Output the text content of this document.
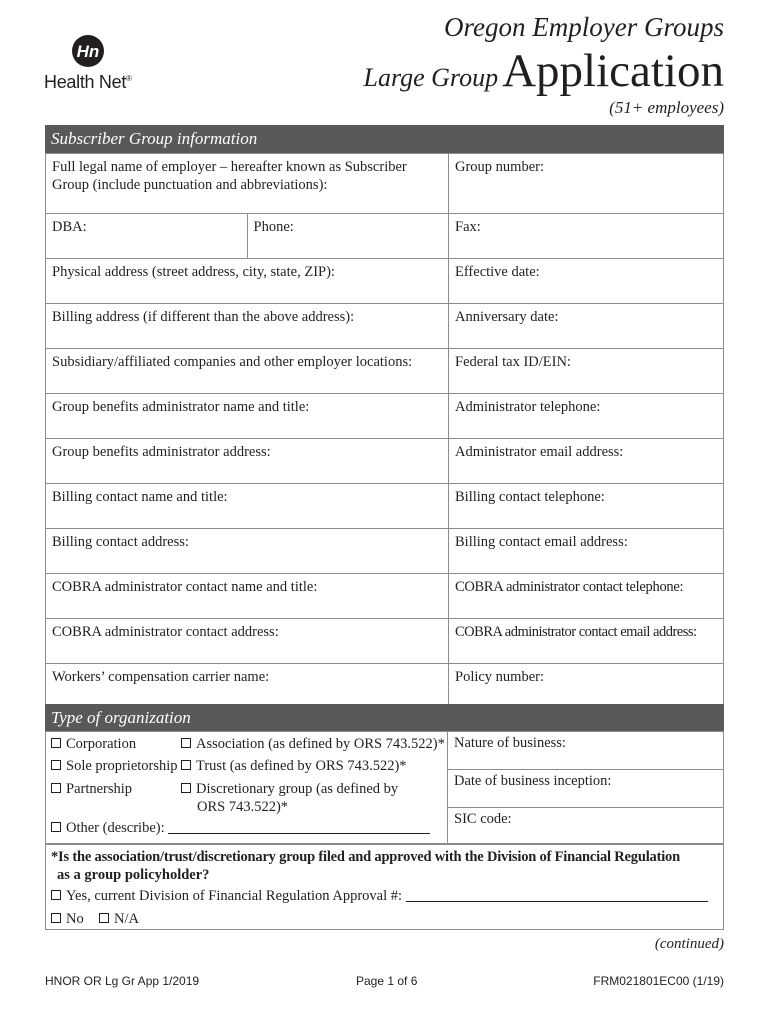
Hn
Health Net®
Oregon Employer Groups
Large Group Application
(51+ employees)
Subscriber Group information
Full legal name of employer – hereafter known as Subscriber Group (include punctuation and abbreviations):		Group number:
DBA:	Phone:	Fax:
Physical address (street address, city, state, ZIP):		Effective date:
Billing address (if different than the above address):		Anniversary date:
Subsidiary/affiliated companies and other employer locations:		Federal tax ID/EIN:
Group benefits administrator name and title:		Administrator telephone:
Group benefits administrator address:		Administrator email address:
Billing contact name and title:		Billing contact telephone:
Billing contact address:		Billing contact email address:
COBRA administrator contact name and title:		COBRA administrator contact telephone:
COBRA administrator contact address:		COBRA administrator contact email address:
Workers’ compensation carrier name:		Policy number:
Type of organization
Corporation	Association (as defined by ORS 743.522)*
Sole proprietorship	Trust (as defined by ORS 743.522)*
Partnership	Discretionary group (as defined by
ORS 743.522)*
Other (describe):
Nature of business:
Date of business inception:
SIC code:
*Is the association/trust/discretionary group filed and approved with the Division of Financial Regulation
as a group policyholder?
Yes, current Division of Financial Regulation Approval #:
No	N/A
(continued)
HNOR OR Lg Gr App 1/2019	Page 1 of 6	FRM021801EC00 (1/19)
